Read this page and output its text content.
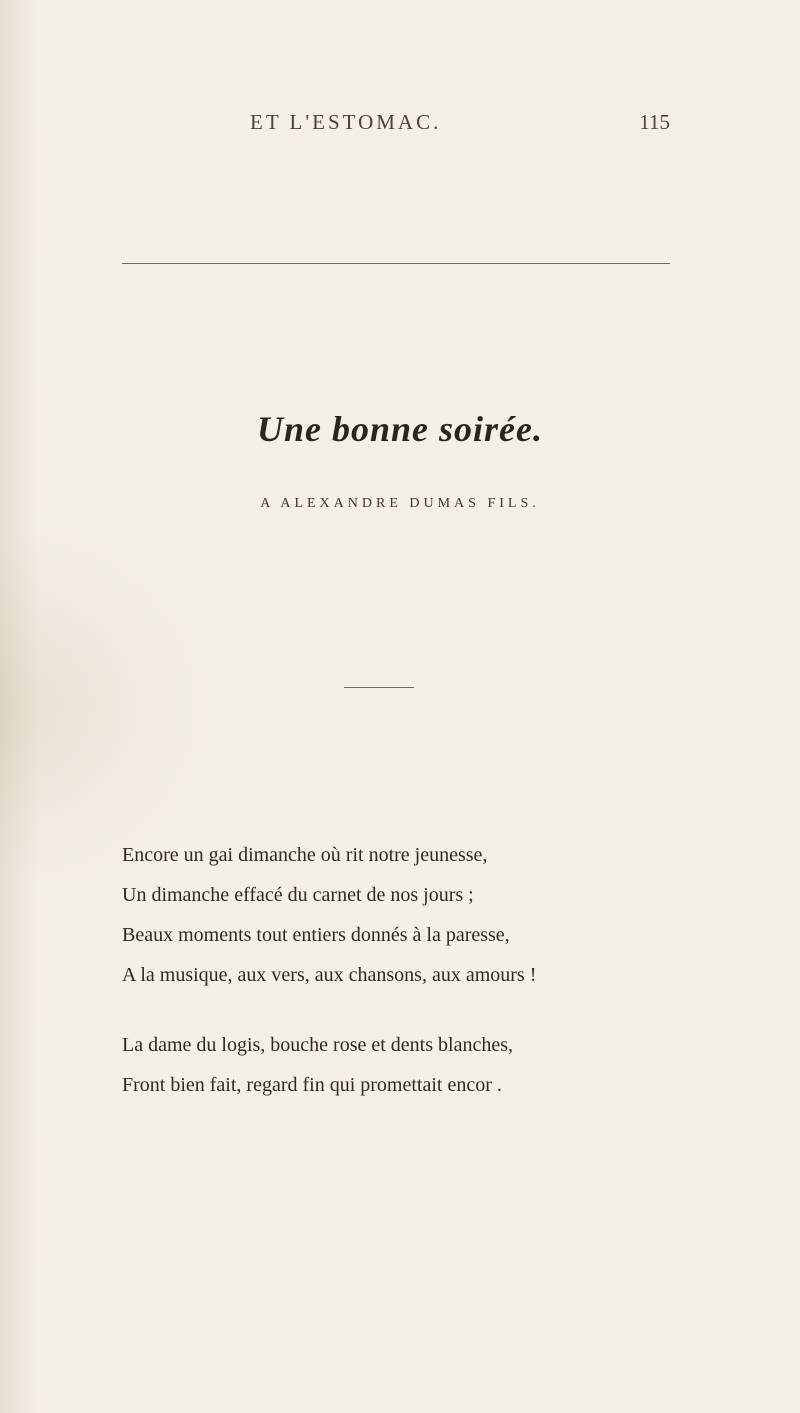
ET L'ESTOMAC.	115
Une bonne soirée.
A ALEXANDRE DUMAS FILS.
Encore un gai dimanche où rit notre jeunesse,
Un dimanche effacé du carnet de nos jours ;
Beaux moments tout entiers donnés à la paresse,
A la musique, aux vers, aux chansons, aux amours !
La dame du logis, bouche rose et dents blanches,
Front bien fait, regard fin qui promettait encor .
